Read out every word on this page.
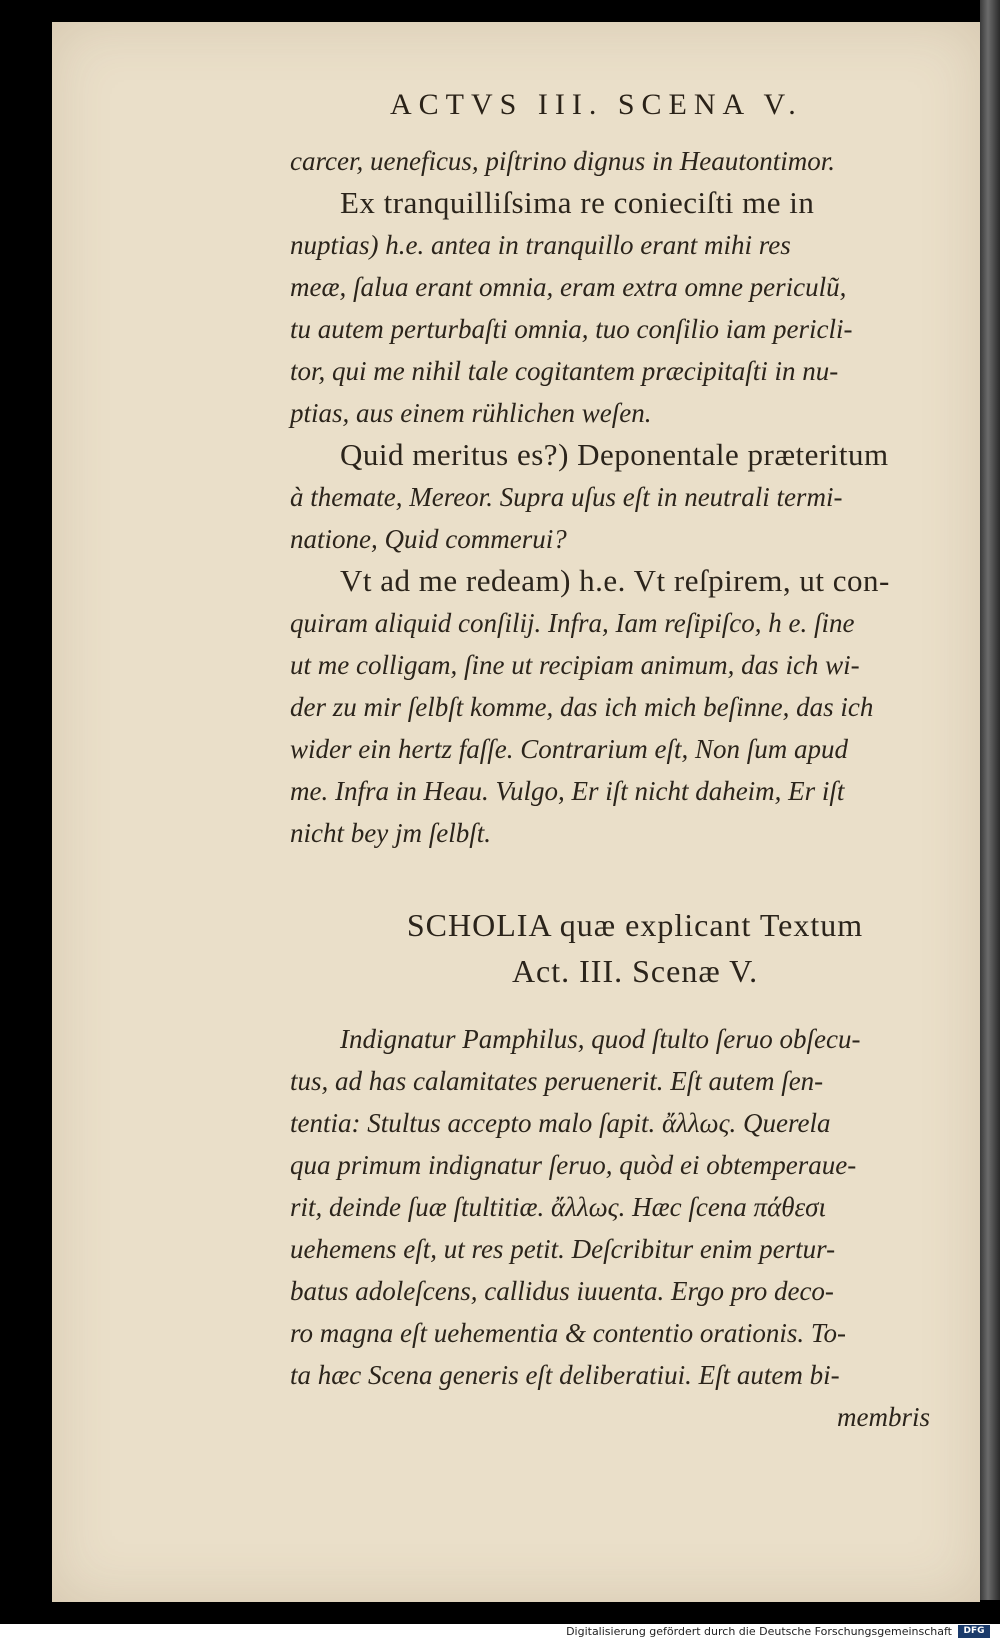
ACTVS III. SCENA V.
carcer, ueneficus, piſtrino dignus in Heautontimor.
Ex tranquilliſsima re conieciſti me in
nuptias) h.e. antea in tranquillo erant mihi res
meæ, ſalua erant omnia, eram extra omne periculũ,
tu autem perturbaſti omnia, tuo conſilio iam pericli-
tor, qui me nihil tale cogitantem præcipitaſti in nu-
ptias, aus einem rühlichen weſen.
Quid meritus es?) Deponentale præteritum
à themate, Mereor. Supra uſus eſt in neutrali termi-
natione, Quid commerui?
Vt ad me redeam) h.e. Vt reſpirem, ut con-
quiram aliquid conſilij. Infra, Iam reſipiſco, h e. ſine
ut me colligam, ſine ut recipiam animum, das ich wi-
der zu mir ſelbſt komme, das ich mich beſinne, das ich
wider ein hertz faſſe. Contrarium eſt, Non ſum apud
me. Infra in Heau. Vulgo, Er iſt nicht daheim, Er iſt
nicht bey jm ſelbſt.
SCHOLIA quæ explicant Textum
Act. III. Scenæ V.
Indignatur Pamphilus, quod ſtulto ſeruo obſecu-
tus, ad has calamitates peruenerit. Eſt autem ſen-
tentia: Stultus accepto malo ſapit. ἄλλως. Querela
qua primum indignatur ſeruo, quòd ei obtemperaue-
rit, deinde ſuæ ſtultitiæ. ἄλλως. Hæc ſcena πάθεσι
uehemens eſt, ut res petit. Deſcribitur enim pertur-
batus adoleſcens, callidus iuuenta. Ergo pro deco-
ro magna eſt uehementia & contentio orationis. To-
ta hæc Scena generis eſt deliberatiui. Eſt autem bi-
membris
Digitalisierung gefördert durch die Deutsche Forschungsgemeinschaft	DFG
